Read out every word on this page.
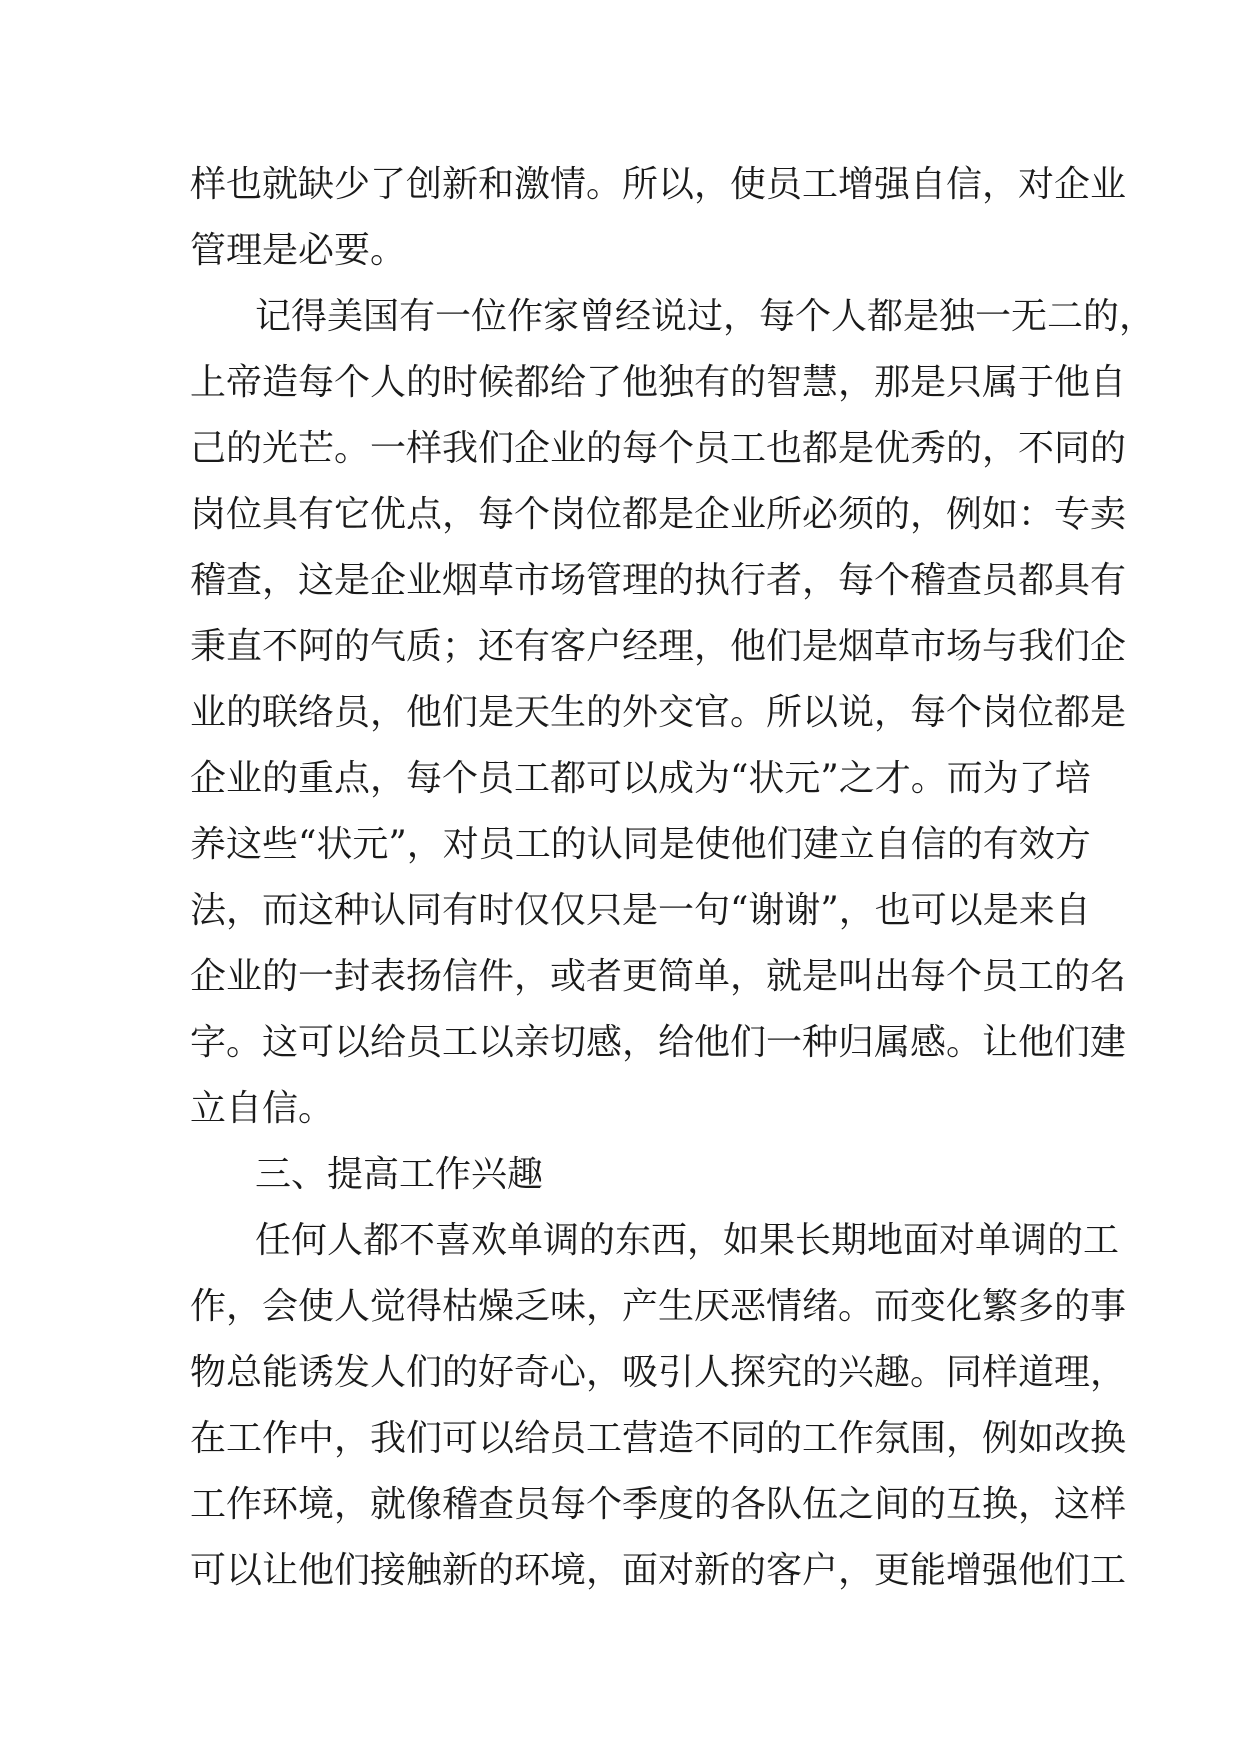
样也就缺少了创新和激情。所以，使员工增强自信，对企业
管理是必要。
记得美国有一位作家曾经说过，每个人都是独一无二的，
上帝造每个人的时候都给了他独有的智慧，那是只属于他自
己的光芒。一样我们企业的每个员工也都是优秀的，不同的
岗位具有它优点，每个岗位都是企业所必须的，例如：专卖
稽查，这是企业烟草市场管理的执行者，每个稽查员都具有
秉直不阿的气质；还有客户经理，他们是烟草市场与我们企
业的联络员，他们是天生的外交官。所以说，每个岗位都是
企业的重点，每个员工都可以成为“状元”之才。而为了培
养这些“状元”，对员工的认同是使他们建立自信的有效方
法，而这种认同有时仅仅只是一句“谢谢”，也可以是来自
企业的一封表扬信件，或者更简单，就是叫出每个员工的名
字。这可以给员工以亲切感，给他们一种归属感。让他们建
立自信。
三、提高工作兴趣
任何人都不喜欢单调的东西，如果长期地面对单调的工
作，会使人觉得枯燥乏味，产生厌恶情绪。而变化繁多的事
物总能诱发人们的好奇心，吸引人探究的兴趣。同样道理，
在工作中，我们可以给员工营造不同的工作氛围，例如改换
工作环境，就像稽查员每个季度的各队伍之间的互换，这样
可以让他们接触新的环境，面对新的客户，更能增强他们工
